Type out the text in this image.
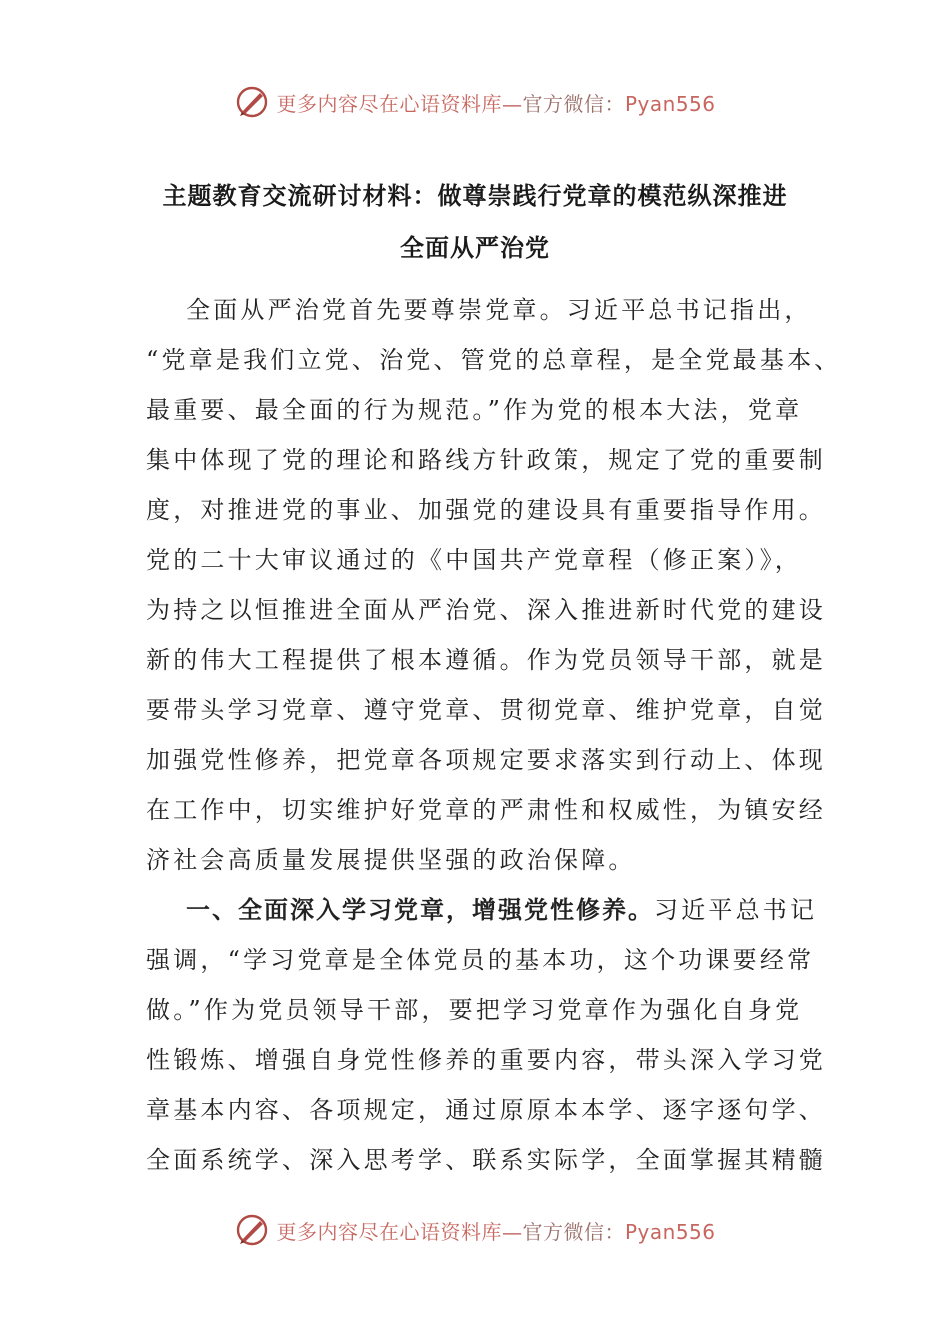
更多内容尽在心语资料库—官方微信：Pyan556
主题教育交流研讨材料：做尊崇践行党章的模范纵深推进
全面从严治党
全面从严治党首先要尊崇党章。习近平总书记指出，
“党章是我们立党、治党、管党的总章程，是全党最基本、
最重要、最全面的行为规范。”作为党的根本大法，党章
集中体现了党的理论和路线方针政策，规定了党的重要制
度，对推进党的事业、加强党的建设具有重要指导作用。
党的二十大审议通过的《中国共产党章程（修正案）》，
为持之以恒推进全面从严治党、深入推进新时代党的建设
新的伟大工程提供了根本遵循。作为党员领导干部，就是
要带头学习党章、遵守党章、贯彻党章、维护党章，自觉
加强党性修养，把党章各项规定要求落实到行动上、体现
在工作中，切实维护好党章的严肃性和权威性，为镇安经
济社会高质量发展提供坚强的政治保障。
一、全面深入学习党章，增强党性修养。习近平总书记
强调，“学习党章是全体党员的基本功，这个功课要经常
做。”作为党员领导干部，要把学习党章作为强化自身党
性锻炼、增强自身党性修养的重要内容，带头深入学习党
章基本内容、各项规定，通过原原本本学、逐字逐句学、
全面系统学、深入思考学、联系实际学，全面掌握其精髓
更多内容尽在心语资料库—官方微信：Pyan556
